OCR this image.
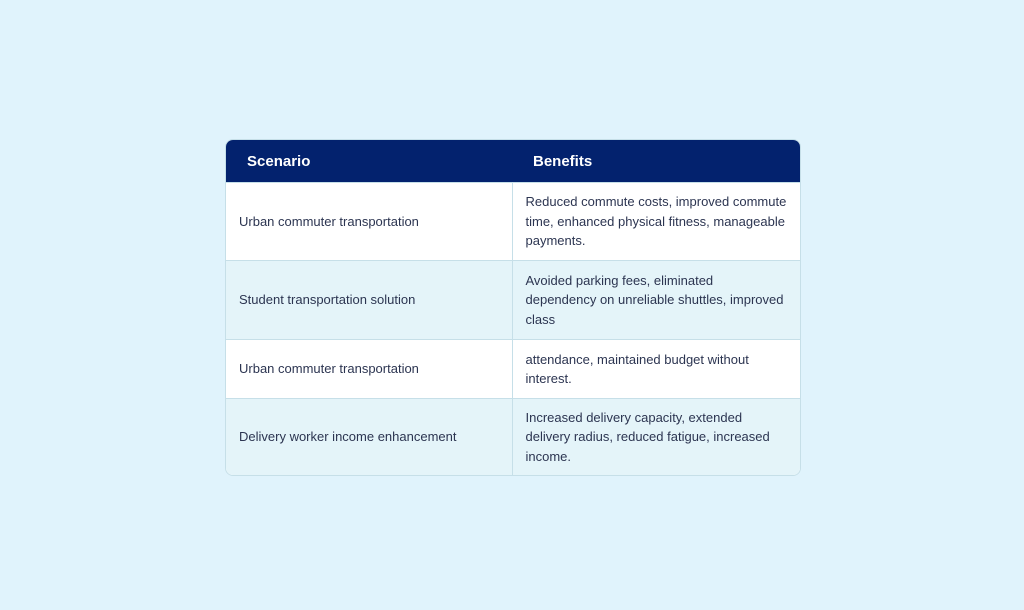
Scenario	Benefits
Urban commuter transportation	Reduced commute costs, improved commute time, enhanced physical fitness, manageable payments.
Student transportation solution	Avoided parking fees, eliminated dependency on unreliable shuttles, improved class
Urban commuter transportation	attendance, maintained budget without interest.
Delivery worker income enhancement	Increased delivery capacity, extended delivery radius, reduced fatigue, increased income.
